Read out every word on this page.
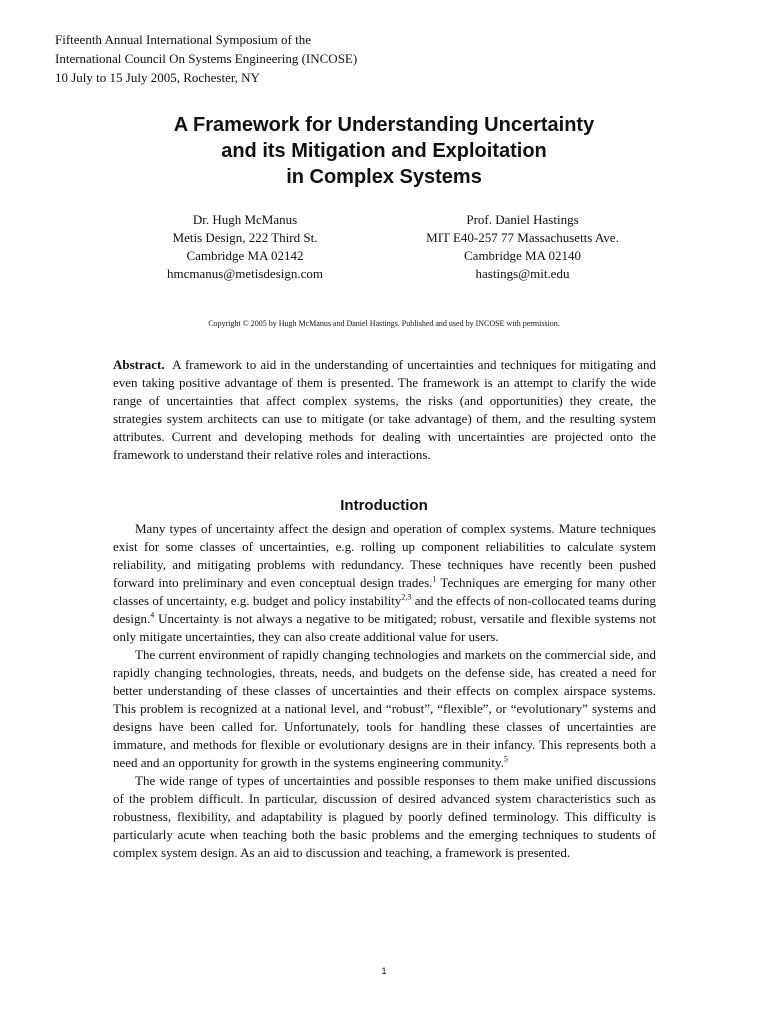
Fifteenth Annual International Symposium of the
International Council On Systems Engineering (INCOSE)
10 July to 15 July 2005, Rochester, NY
A Framework for Understanding Uncertainty
and its Mitigation and Exploitation
in Complex Systems
Dr. Hugh McManus
Metis Design, 222 Third St.
Cambridge MA 02142
hmcmanus@metisdesign.com
Prof. Daniel Hastings
MIT E40-257 77 Massachusetts Ave.
Cambridge MA 02140
hastings@mit.edu
Copyright © 2005 by Hugh McManus and Daniel Hastings. Published and used by INCOSE with permission.
Abstract. A framework to aid in the understanding of uncertainties and techniques for mitigating and even taking positive advantage of them is presented. The framework is an attempt to clarify the wide range of uncertainties that affect complex systems, the risks (and opportunities) they create, the strategies system architects can use to mitigate (or take advantage) of them, and the resulting system attributes. Current and developing methods for dealing with uncertainties are projected onto the framework to understand their relative roles and interactions.
Introduction

Many types of uncertainty affect the design and operation of complex systems. Mature techniques exist for some classes of uncertainties, e.g. rolling up component reliabilities to calculate system reliability, and mitigating problems with redundancy. These techniques have recently been pushed forward into preliminary and even conceptual design trades.$^1$ Techniques are emerging for many other classes of uncertainty, e.g. budget and policy instability$^{2,3}$ and the effects of non-collocated teams during design.$^4$ Uncertainty is not always a negative to be mitigated; robust, versatile and flexible systems not only mitigate uncertainties, they can also create additional value for users.

The current environment of rapidly changing technologies and markets on the commercial side, and rapidly changing technologies, threats, needs, and budgets on the defense side, has created a need for better understanding of these classes of uncertainties and their effects on complex airspace systems. This problem is recognized at a national level, and “robust”, “flexible”, or “evolutionary” systems and designs have been called for. Unfortunately, tools for handling these classes of uncertainties are immature, and methods for flexible or evolutionary designs are in their infancy. This represents both a need and an opportunity for growth in the systems engineering community.$^5$

The wide range of types of uncertainties and possible responses to them make unified discussions of the problem difficult. In particular, discussion of desired advanced system characteristics such as robustness, flexibility, and adaptability is plagued by poorly defined terminology. This difficulty is particularly acute when teaching both the basic problems and the emerging techniques to students of complex system design. As an aid to discussion and teaching, a framework is presented.

1
